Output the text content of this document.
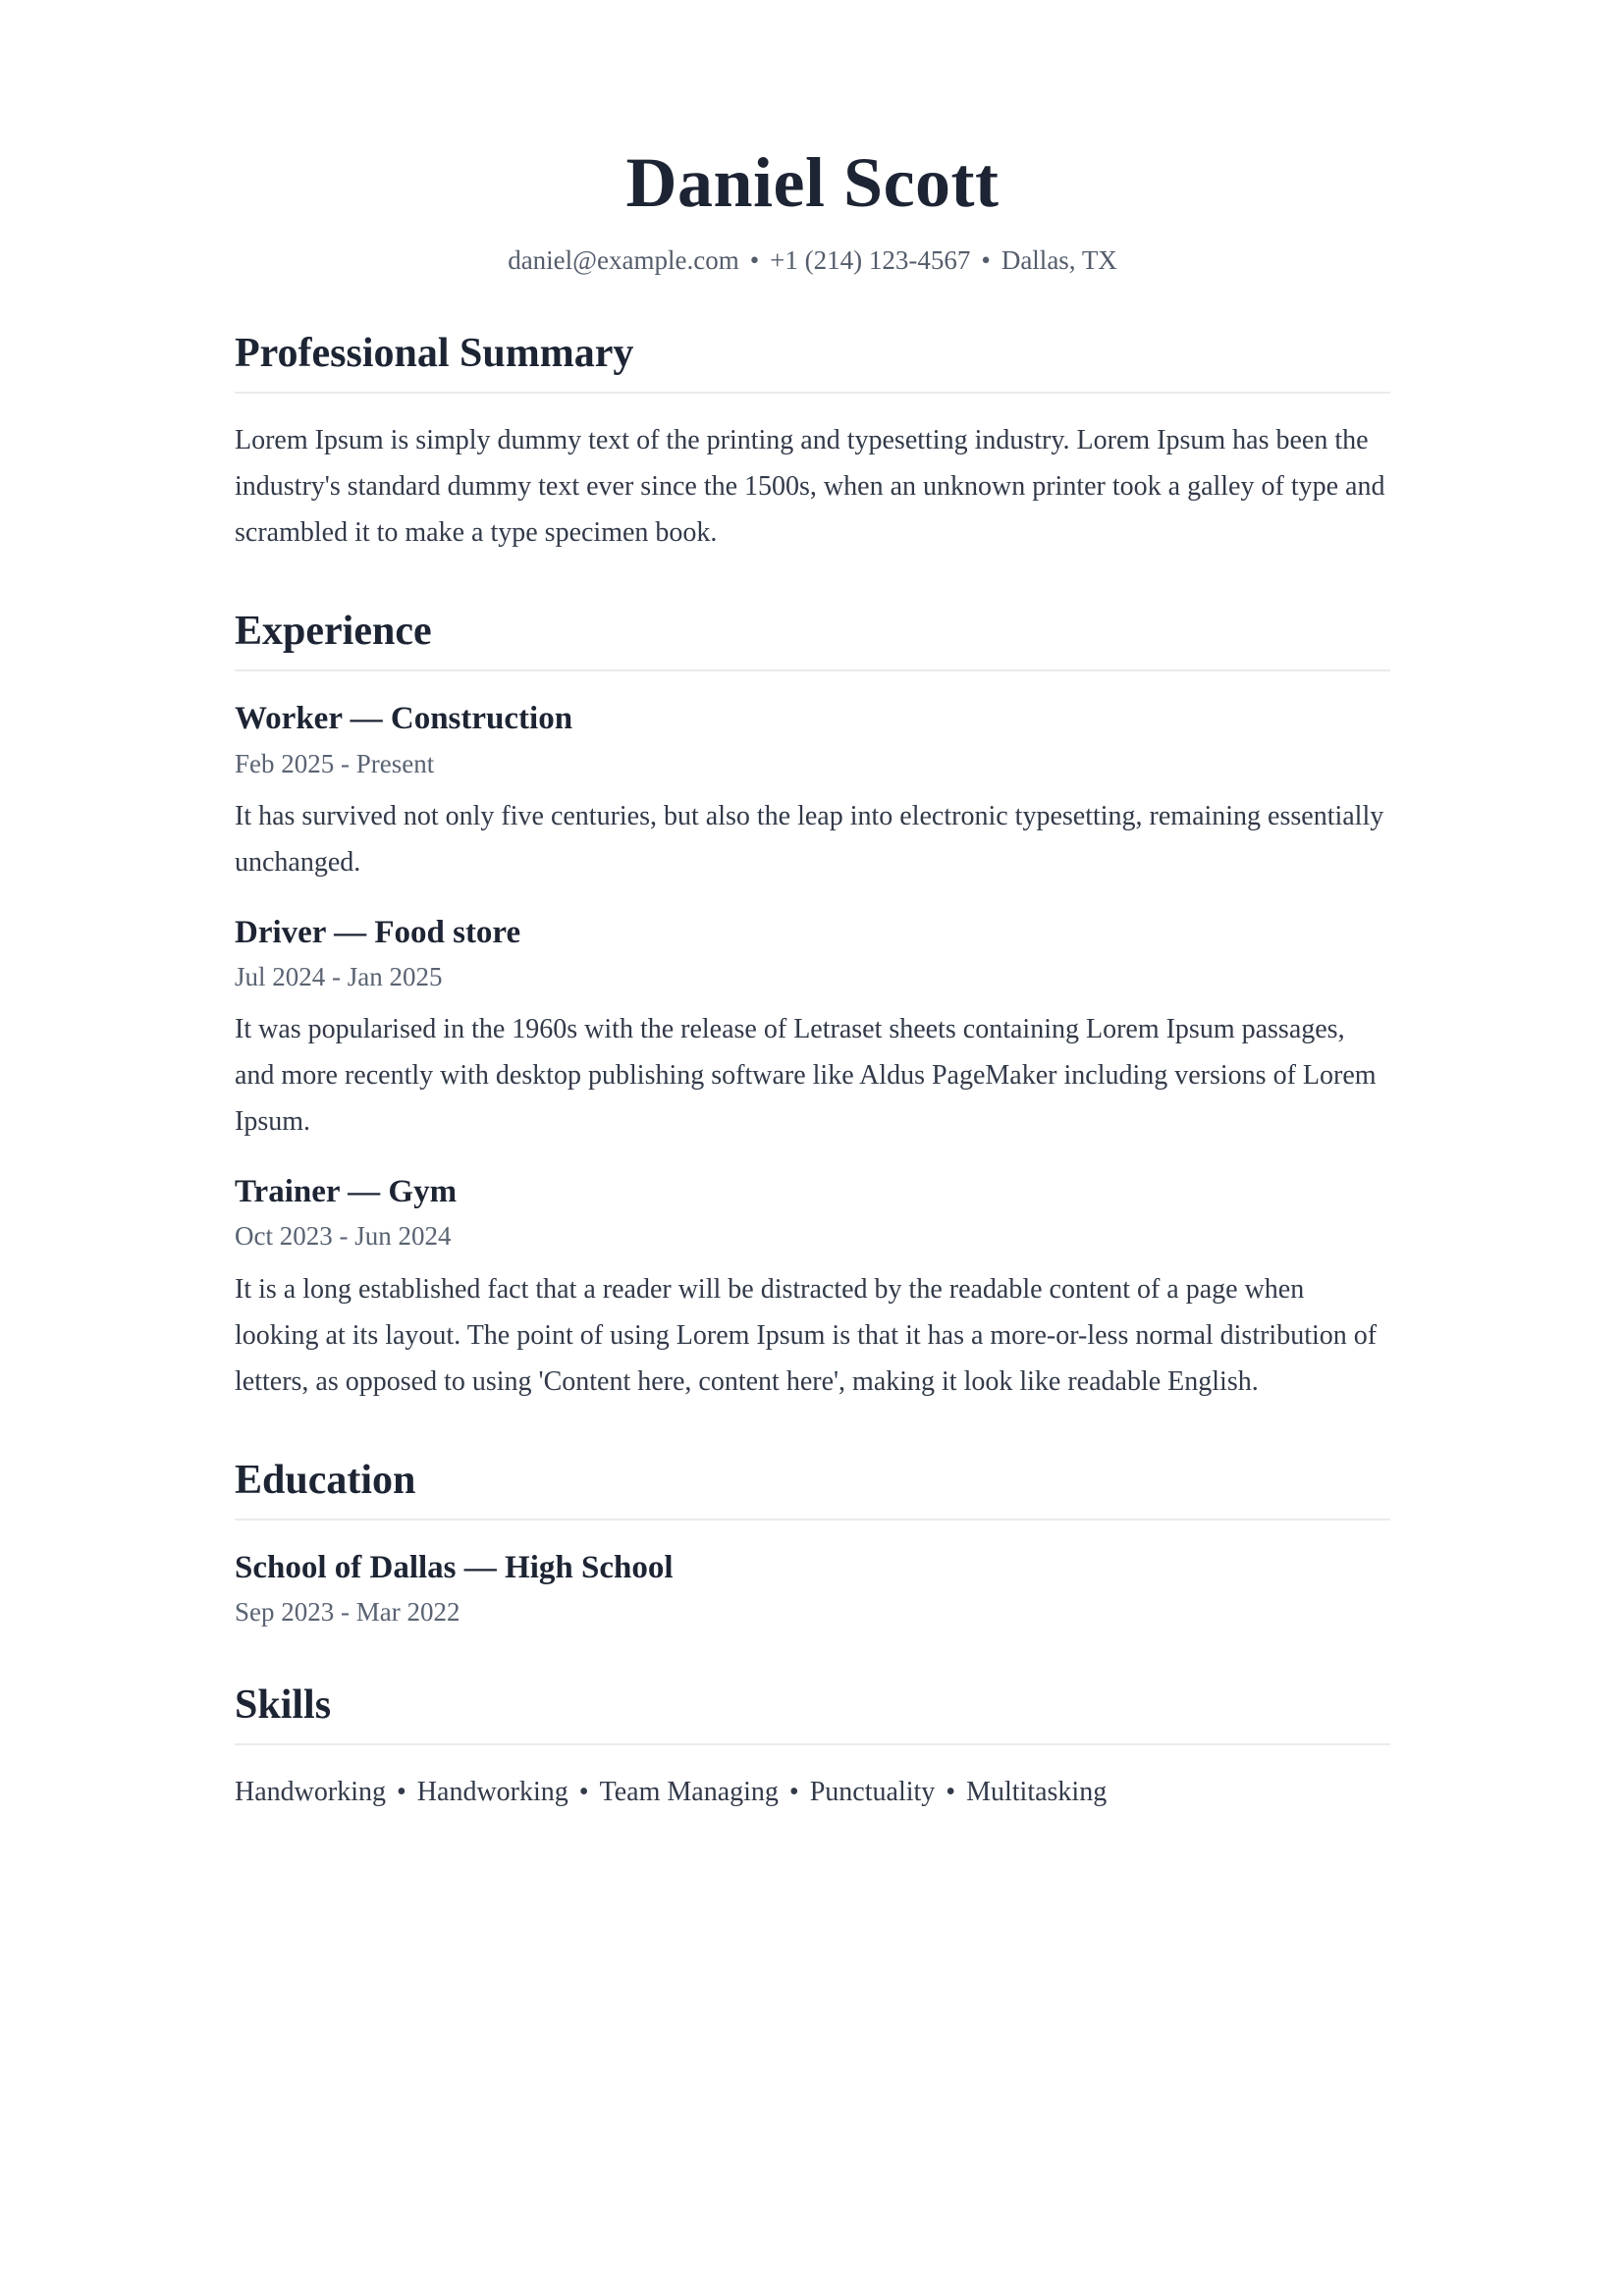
Daniel Scott
daniel@example.com • +1 (214) 123-4567 • Dallas, TX
Professional Summary

Lorem Ipsum is simply dummy text of the printing and typesetting industry. Lorem Ipsum has been the industry's standard dummy text ever since the 1500s, when an unknown printer took a galley of type and scrambled it to make a type specimen book.

Experience
Worker — Construction
Feb 2025 - Present

It has survived not only five centuries, but also the leap into electronic typesetting, remaining essentially unchanged.

Driver — Food store
Jul 2024 - Jan 2025

It was popularised in the 1960s with the release of Letraset sheets containing Lorem Ipsum passages, and more recently with desktop publishing software like Aldus PageMaker including versions of Lorem Ipsum.

Trainer — Gym
Oct 2023 - Jun 2024

It is a long established fact that a reader will be distracted by the readable content of a page when looking at its layout. The point of using Lorem Ipsum is that it has a more-or-less normal distribution of letters, as opposed to using 'Content here, content here', making it look like readable English.

Education
School of Dallas — High School
Sep 2023 - Mar 2022
Skills

Handworking • Handworking • Team Managing • Punctuality • Multitasking
